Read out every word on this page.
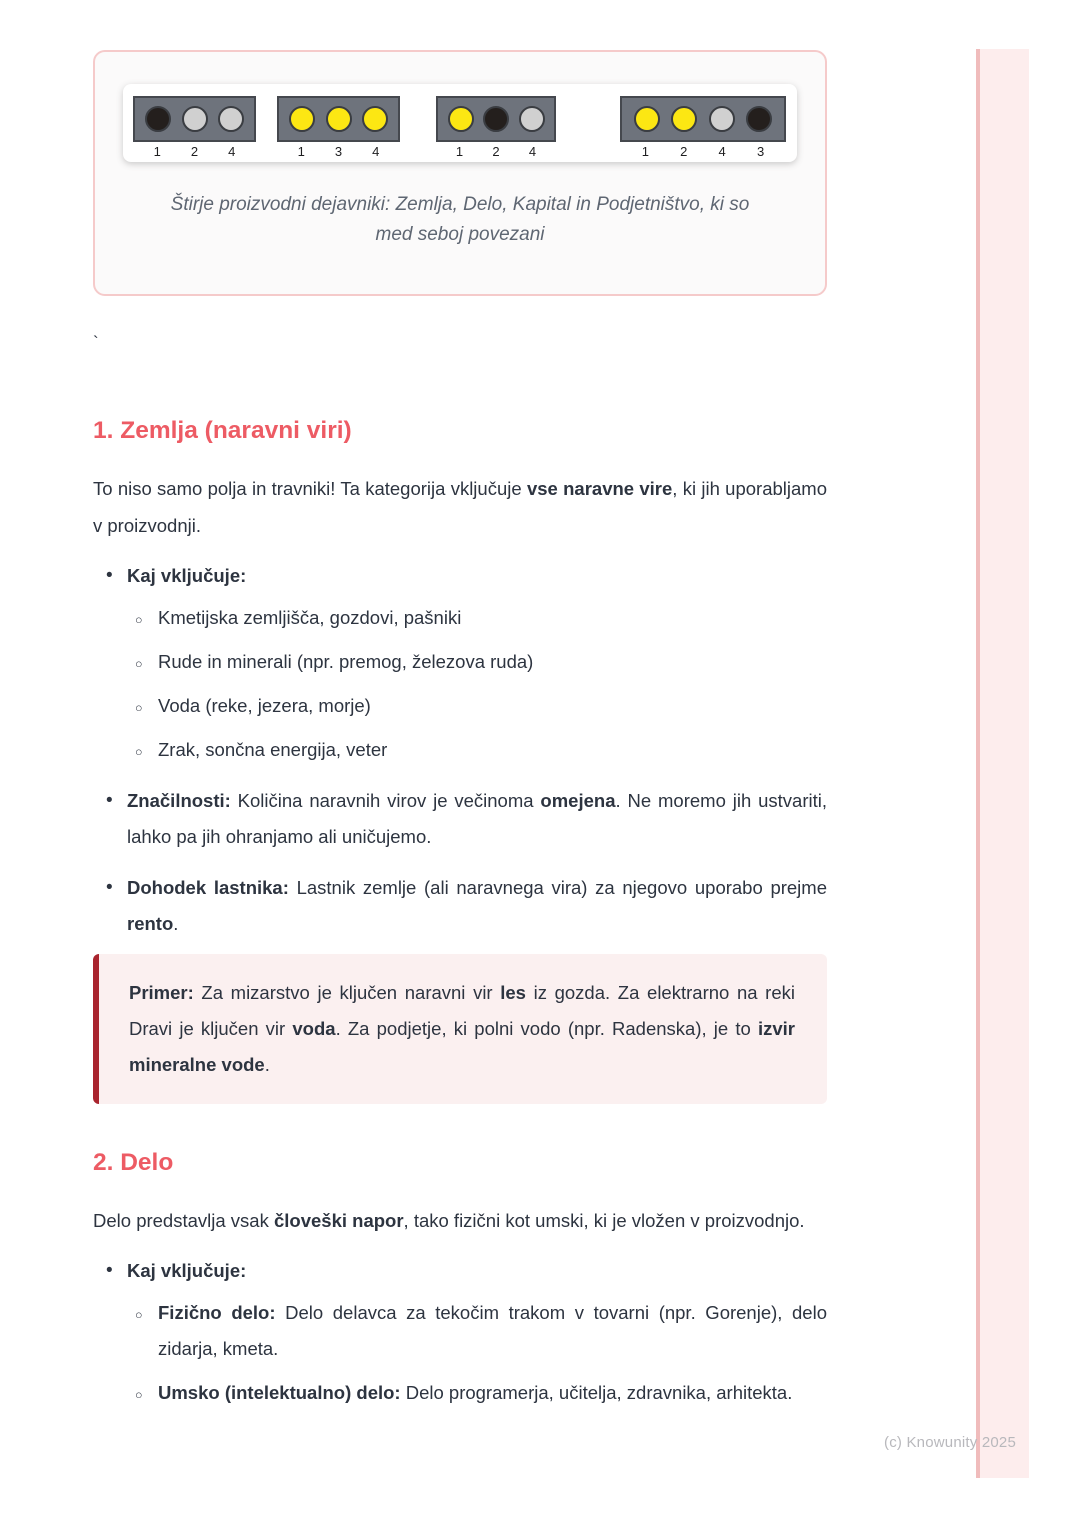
1	2	4	1	3	4	1	2	4	1	2	4	3
Štirje proizvodni dejavniki: Zemlja, Delo, Kapital in Podjetništvo, ki so med seboj povezani
`
1. Zemlja (naravni viri)

To niso samo polja in travniki! Ta kategorija vključuje vse naravne vire, ki jih uporabljamo v proizvodnji.

• Kaj vključuje:
○ Kmetijska zemljišča, gozdovi, pašniki
○ Rude in minerali (npr. premog, železova ruda)
○ Voda (reke, jezera, morje)
○ Zrak, sončna energija, veter
• Značilnosti: Količina naravnih virov je večinoma omejena. Ne moremo jih ustvariti, lahko pa jih ohranjamo ali uničujemo.
• Dohodek lastnika: Lastnik zemlje (ali naravnega vira) za njegovo uporabo prejme rento.
Primer: Za mizarstvo je ključen naravni vir les iz gozda. Za elektrarno na reki Dravi je ključen vir voda. Za podjetje, ki polni vodo (npr. Radenska), je to izvir mineralne vode.
2. Delo

Delo predstavlja vsak človeški napor, tako fizični kot umski, ki je vložen v proizvodnjo.

• Kaj vključuje:
○ Fizično delo: Delo delavca za tekočim trakom v tovarni (npr. Gorenje), delo zidarja, kmeta.
○ Umsko (intelektualno) delo: Delo programerja, učitelja, zdravnika, arhitekta.
(c) Knowunity 2025
